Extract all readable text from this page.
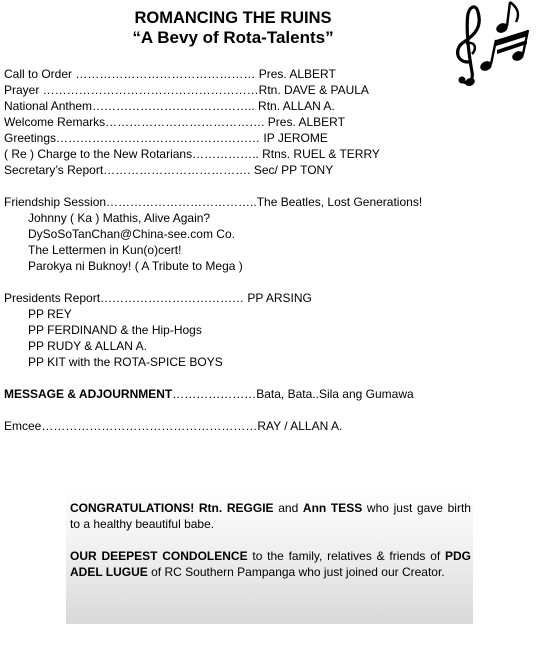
ROMANCING THE RUINS
“A Bevy of Rota-Talents”
Call to Order ……………………………………… Pres. ALBERT
Prayer ………………………………………………Rtn. DAVE & PAULA
National Anthem………………………………….. Rtn. ALLAN A.
Welcome Remarks…………………………………. Pres. ALBERT
Greetings…………………………………………… IP JEROME
( Re ) Charge to the New Rotarians…………….. Rtns. RUEL & TERRY
Secretary’s Report………………………………. Sec/ PP TONY
Friendship Session………………………………..The Beatles, Lost Generations!
Johnny ( Ka ) Mathis, Alive Again?
DySoSoTanChan@China-see.com Co.
The Lettermen in Kun(o)cert!
Parokya ni Buknoy! ( A Tribute to Mega )
Presidents Report……………………………… PP ARSING
PP REY
PP FERDINAND & the Hip-Hogs
PP RUDY & ALLAN A.
PP KIT with the ROTA-SPICE BOYS
MESSAGE & ADJOURNMENT…………………Bata, Bata..Sila ang Gumawa
Emcee………………………………………………RAY / ALLAN A.

CONGRATULATIONS! Rtn. REGGIE and Ann TESS who just gave birth to a healthy beautiful babe.

OUR DEEPEST CONDOLENCE to the family, relatives & friends of PDG ADEL LUGUE of RC Southern Pampanga who just joined our Creator.
